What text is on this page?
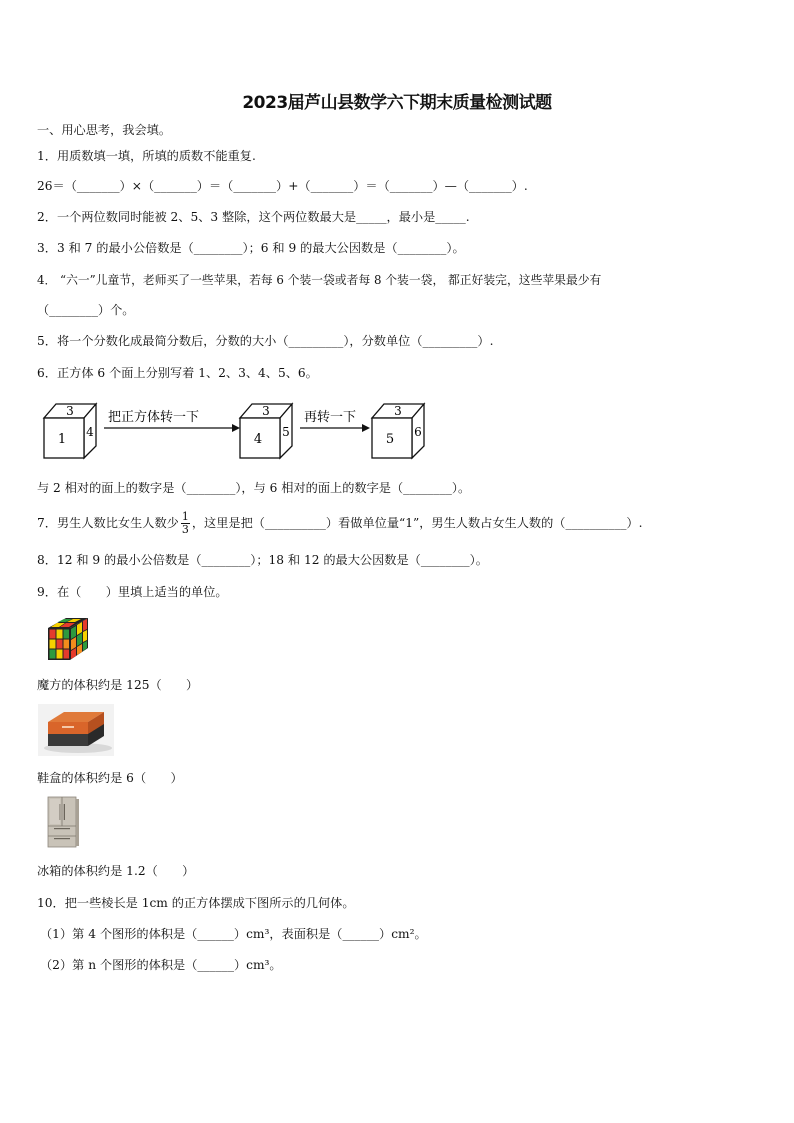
2023届芦山县数学六下期末质量检测试题
一、用心思考，我会填。
1．用质数填一填，所填的质数不能重复.
26＝（_______）×（_______）＝（_______）+（_______）＝（_______）—（_______）.
2．一个两位数同时能被 2、5、3 整除，这个两位数最大是_____，最小是_____.
3．3 和 7 的最小公倍数是（________）；6 和 9 的最大公因数是（________）。
4． “六一”儿童节，老师买了一些苹果，若每 6 个装一袋或者每 8 个装一袋， 都正好装完，这些苹果最少有
（________）个。
5．将一个分数化成最简分数后，分数的大小（_________），分数单位（_________）.
6．正方体 6 个面上分别写着 1、2、3、4、5、6。
3
1 4
把正方体转一下	3
4 5
再转一下	3
5 6
与 2 相对的面上的数字是（________），与 6 相对的面上的数字是（________）。
7．男生人数比女生人数少 $\frac{1}{3}$ ，这里是把（__________）看做单位量“1”，男生人数占女生人数的（__________）.
8．12 和 9 的最小公倍数是（________）；18 和 12 的最大公因数是（________）。
9．在（　　）里填上适当的单位。
魔方的体积约是 125（　　）
鞋盒的体积约是 6（　　）
冰箱的体积约是 1.2（　　）
10．把一些棱长是 1cm 的正方体摆成下图所示的几何体。
（1）第 4 个图形的体积是（______）cm³，表面积是（______）cm²。
（2）第 n 个图形的体积是（______）cm³。
